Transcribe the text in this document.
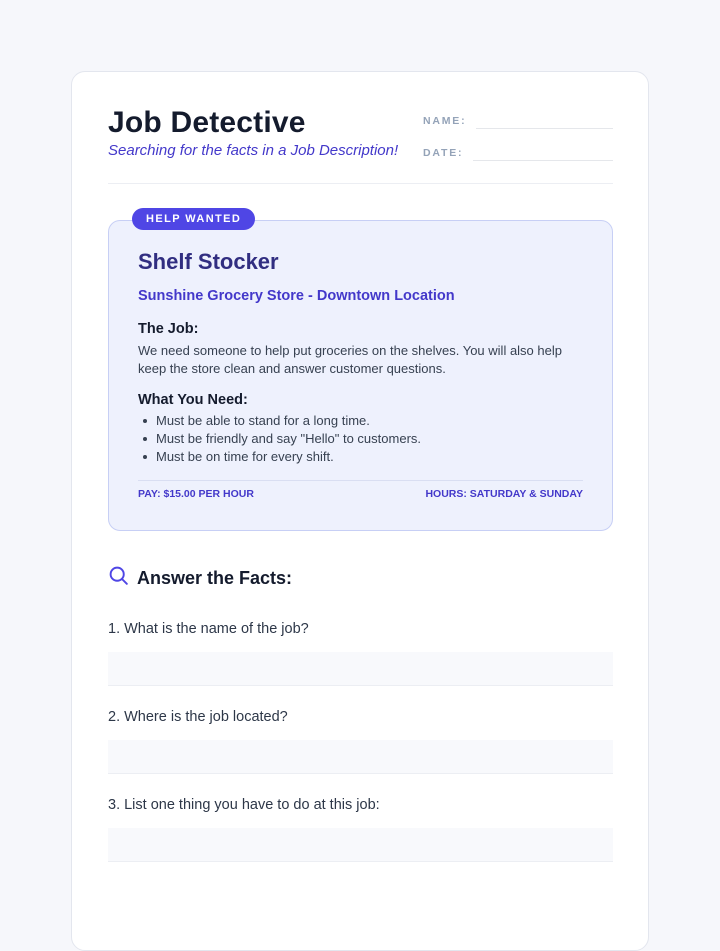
Job Detective
Searching for the facts in a Job Description!
NAME:
DATE:
HELP WANTED
Shelf Stocker
Sunshine Grocery Store - Downtown Location
The Job:
We need someone to help put groceries on the shelves. You will also help keep the store clean and answer customer questions.
What You Need:
Must be able to stand for a long time.
Must be friendly and say "Hello" to customers.
Must be on time for every shift.
PAY: $15.00 PER HOUR	HOURS: SATURDAY & SUNDAY
Answer the Facts:
1. What is the name of the job?
2. Where is the job located?
3. List one thing you have to do at this job:
